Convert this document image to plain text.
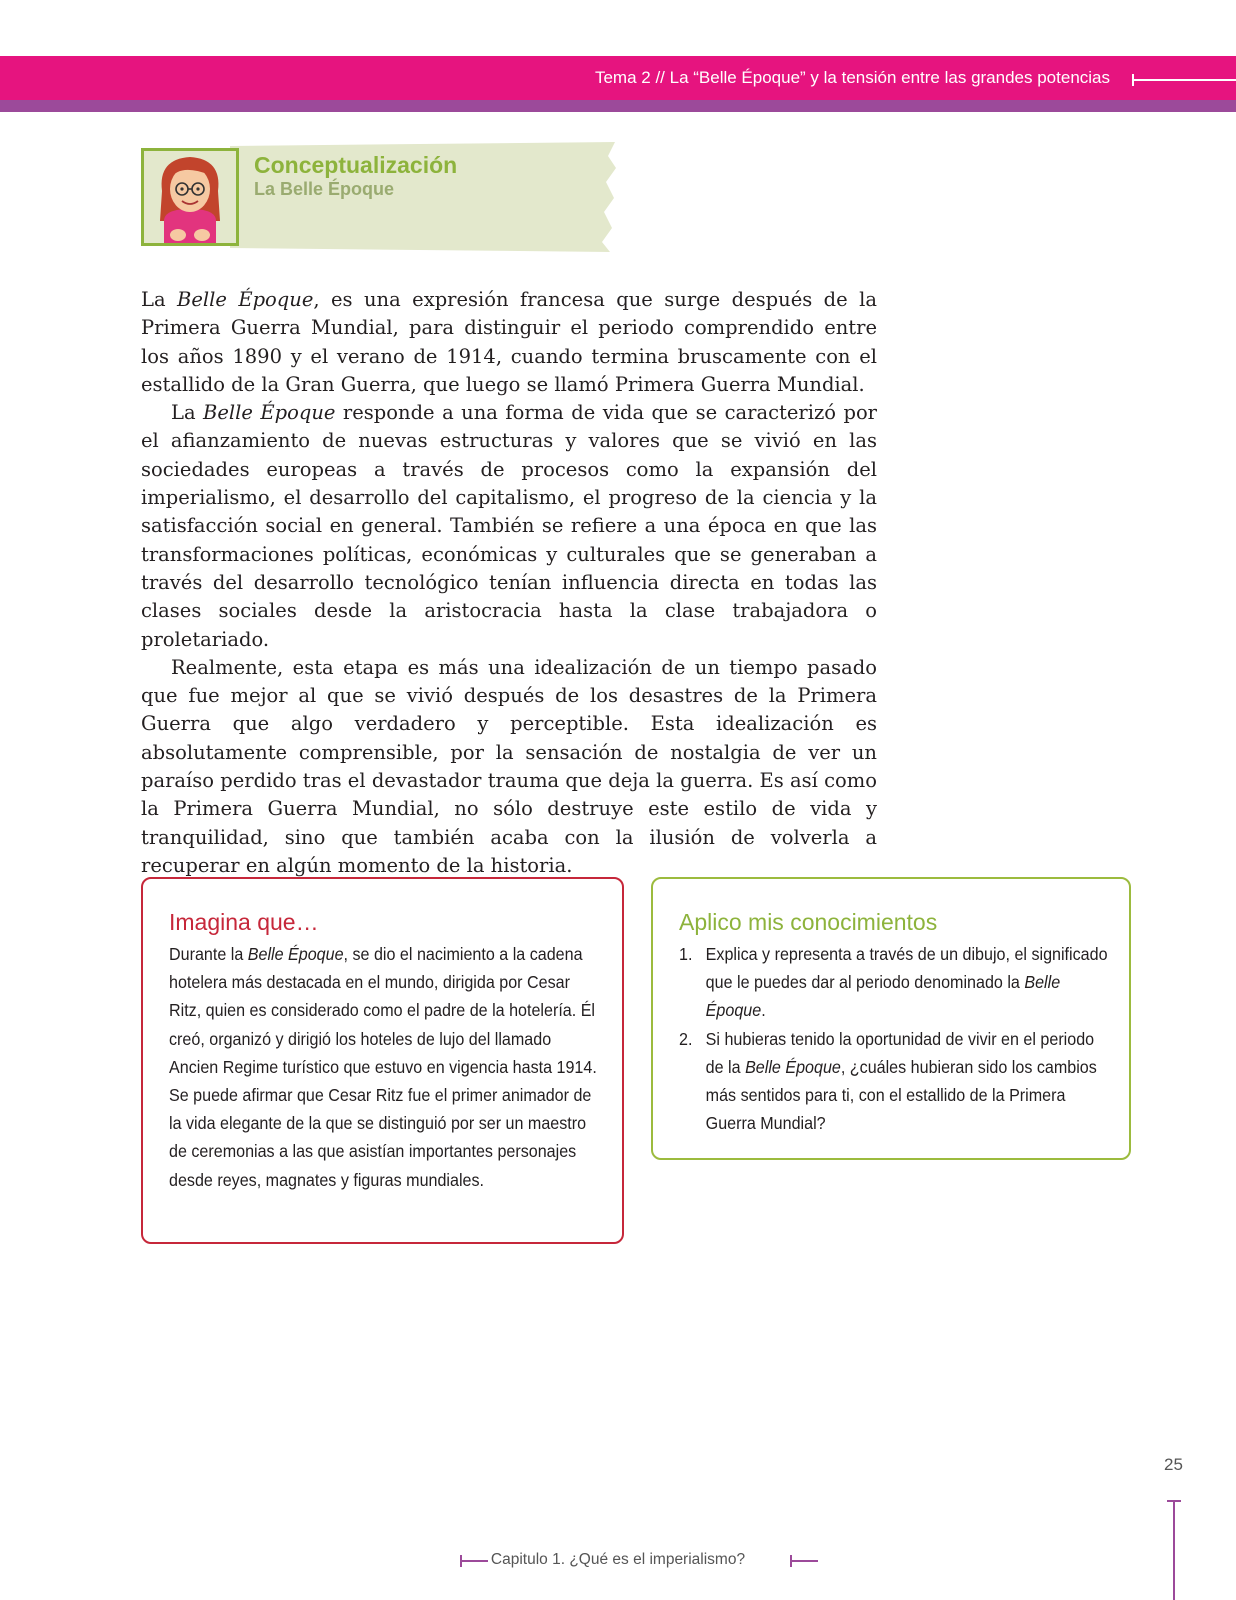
Tema 2 // La “Belle Époque” y la tensión entre las grandes potencias
Conceptualización
La Belle Époque

La Belle Époque, es una expresión francesa que surge después de la Primera Guerra Mundial, para distinguir el periodo comprendido entre los años 1890 y el verano de 1914, cuando termina bruscamente con el estallido de la Gran Guerra, que luego se llamó Primera Guerra Mundial.

La Belle Époque responde a una forma de vida que se caracterizó por el afianzamiento de nuevas estructuras y valores que se vivió en las sociedades europeas a través de procesos como la expansión del imperialismo, el desarrollo del capitalismo, el progreso de la ciencia y la satisfacción social en general. También se refiere a una época en que las transformaciones políticas, económicas y culturales que se generaban a través del desarrollo tecnológico tenían influencia directa en todas las clases sociales desde la aristocracia hasta la clase trabajadora o proletariado.

Realmente, esta etapa es más una idealización de un tiempo pasado que fue mejor al que se vivió después de los desastres de la Primera Guerra que algo verdadero y perceptible. Esta idealización es absolutamente comprensible, por la sensación de nostalgia de ver un paraíso perdido tras el devastador trauma que deja la guerra. Es así como la Primera Guerra Mundial, no sólo destruye este estilo de vida y tranquilidad, sino que también acaba con la ilusión de volverla a recuperar en algún momento de la historia.

Imagina que…

Durante la Belle Époque, se dio el nacimiento a la cadena hotelera más destacada en el mundo, dirigida por Cesar Ritz, quien es considerado como el padre de la hotelería. Él creó, organizó y dirigió los hoteles de lujo del llamado Ancien Regime turístico que estuvo en vigencia hasta 1914. Se puede afirmar que Cesar Ritz fue el primer animador de la vida elegante de la que se distinguió por ser un maestro de ceremonias a las que asistían importantes personajes desde reyes, magnates y figuras mundiales.

Aplico mis conocimientos
1. Explica y representa a través de un dibujo, el significado que le puedes dar al periodo denominado la Belle Époque.
2. Si hubieras tenido la oportunidad de vivir en el periodo de la Belle Époque, ¿cuáles hubieran sido los cambios más sentidos para ti, con el estallido de la Primera Guerra Mundial?
25
Capitulo 1. ¿Qué es el imperialismo?
